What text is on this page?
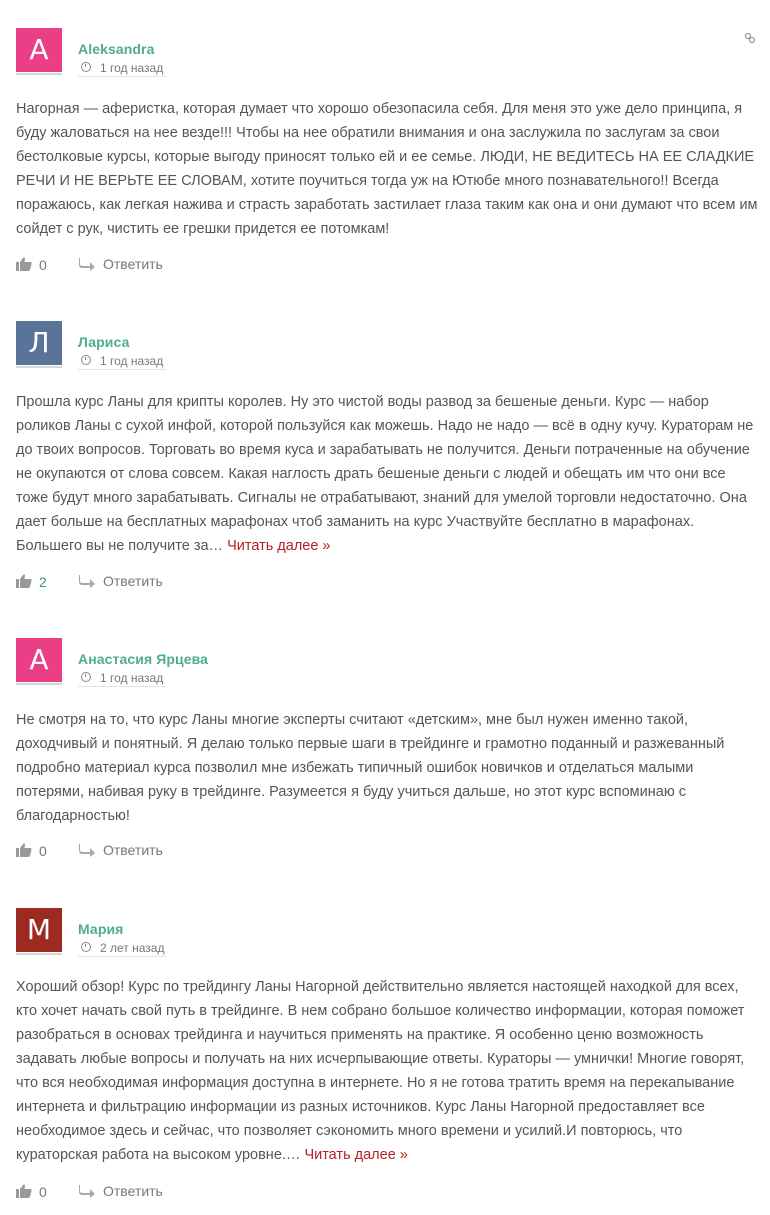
A	Aleksandra
1 год назад
Нагорная — аферистка, которая думает что хорошо обезопасила себя. Для меня это уже дело принципа, я буду жаловаться на нее везде!!! Чтобы на нее обратили внимания и она заслужила по заслугам за свои бестолковые курсы, которые выгоду приносят только ей и ее семье. ЛЮДИ, НЕ ВЕДИТЕСЬ НА ЕЕ СЛАДКИЕ РЕЧИ И НЕ ВЕРЬТЕ ЕЕ СЛОВАМ, хотите поучиться тогда уж на Ютюбе много познавательного!! Всегда поражаюсь, как легкая нажива и страсть заработать застилает глаза таким как она и они думают что всем им сойдет с рук, чистить ее грешки придется ее потомкам!
0	Ответить
Л	Лариса
1 год назад
Прошла курс Ланы для крипты королев. Ну это чистой воды развод за бешеные деньги. Курс — набор роликов Ланы с сухой инфой, которой пользуйся как можешь. Надо не надо — всё в одну кучу. Кураторам не до твоих вопросов. Торговать во время куса и зарабатывать не получится. Деньги потраченные на обучение не окупаются от слова совсем. Какая наглость драть бешеные деньги с людей и обещать им что они все тоже будут много зарабатывать. Сигналы не отрабатывают, знаний для умелой торговли недостаточно. Она дает больше на бесплатных марафонах чтоб заманить на курс Участвуйте бесплатно в марафонах. Большего вы не получите за… Читать далее »
2	Ответить
А	Анастасия Ярцева
1 год назад
Не смотря на то, что курс Ланы многие эксперты считают «детским», мне был нужен именно такой, доходчивый и понятный. Я делаю только первые шаги в трейдинге и грамотно поданный и разжеванный подробно материал курса позволил мне избежать типичный ошибок новичков и отделаться малыми потерями, набивая руку в трейдинге. Разумеется я буду учиться дальше, но этот курс вспоминаю с благодарностью!
0	Ответить
М	Мария
2 лет назад
Хороший обзор! Курс по трейдингу Ланы Нагорной действительно является настоящей находкой для всех, кто хочет начать свой путь в трейдинге. В нем собрано большое количество информации, которая поможет разобраться в основах трейдинга и научиться применять на практике. Я особенно ценю возможность задавать любые вопросы и получать на них исчерпывающие ответы. Кураторы — умнички! Многие говорят, что вся необходимая информация доступна в интернете. Но я не готова тратить время на перекапывание интернета и фильтрацию информации из разных источников. Курс Ланы Нагорной предоставляет все необходимое здесь и сейчас, что позволяет сэкономить много времени и усилий.И повторюсь, что кураторская работа на высоком уровне.… Читать далее »
0	Ответить
